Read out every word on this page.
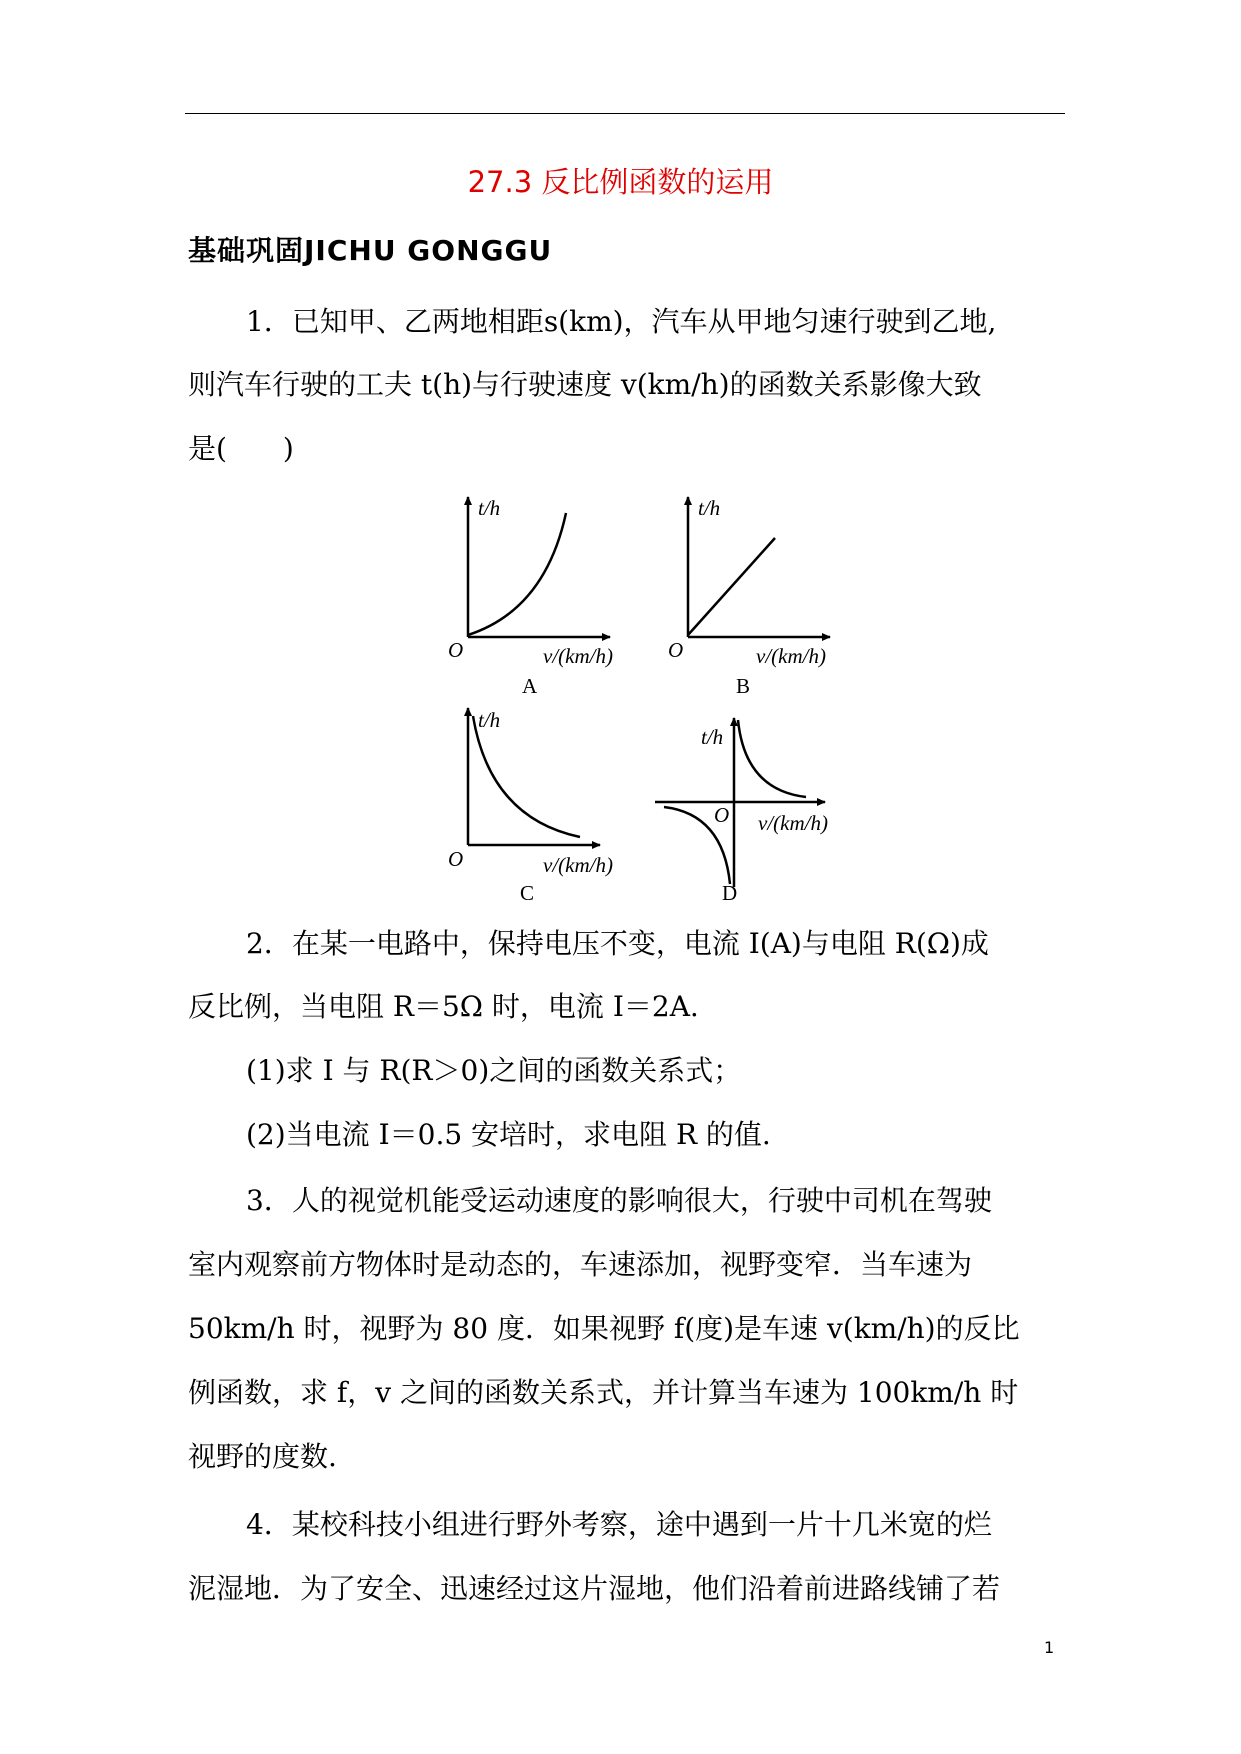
27.3 反比例函数的运用
基础巩固JICHU GONGGU
1．已知甲、乙两地相距s(km)，汽车从甲地匀速行驶到乙地,
则汽车行驶的工夫 t(h)与行驶速度 v(km/h)的函数关系影像大致
是(　　)
t/h
O	v/(km/h)
A
t/h
O	v/(km/h)
B
t/h
O	v/(km/h)
C
t/h
O v/(km/h)
D
2．在某一电路中，保持电压不变，电流 I(A)与电阻 R(Ω)成
反比例，当电阻 R＝5Ω 时，电流 I＝2A.
(1)求 I 与 R(R＞0)之间的函数关系式；
(2)当电流 I＝0.5 安培时，求电阻 R 的值.
3．人的视觉机能受运动速度的影响很大，行驶中司机在驾驶
室内观察前方物体时是动态的，车速添加，视野变窄．当车速为
50km/h 时，视野为 80 度．如果视野 f(度)是车速 v(km/h)的反比
例函数，求 f，v 之间的函数关系式，并计算当车速为 100km/h 时
视野的度数.
4．某校科技小组进行野外考察，途中遇到一片十几米宽的烂
泥湿地．为了安全、迅速经过这片湿地，他们沿着前进路线铺了若
1
